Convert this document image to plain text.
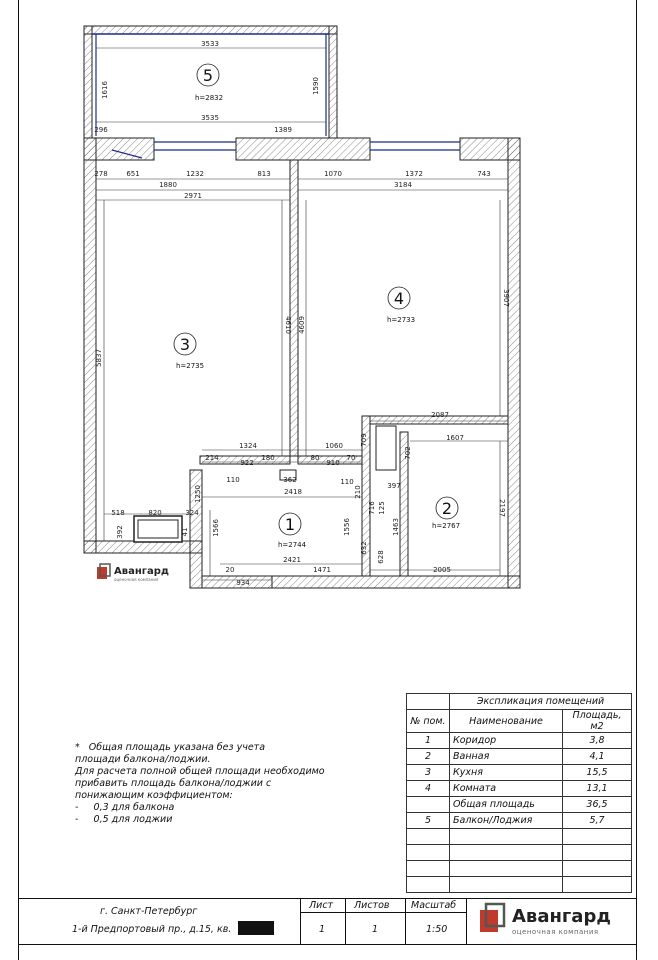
5
h=2832
3
h=2735
4
h=2733
1
h=2744
2
h=2767
3533
1616	1590
3535
296	1389
278	651	1232	813
1880
2971
1070	1372	743
3184
5837
4610 4609
3907
2087
709	1607
702
2197
1324	1060
214
922
180	80
910
70
362
2418
110	110	397
210
716 125
1463
1250
518	820	324
392	41	1566	1556
632
628
2421
20	1471	2005
934
Авангард
оценочная компания
*   Общая площадь указана без учета
площади балкона/лоджии.
Для расчета полной общей площади необходимо
прибавить площадь балкона/лоджии с
понижающим коэффициентом:
-     0,3 для балкона
-     0,5 для лоджии
	Экспликация помещений	
№ пом.	Наименование	Площадь, м2
1	Коридор	3,8
2	Ванная	4,1
3	Кухня	15,5
4	Комната	13,1
	Общая площадь	36,5
5	Балкон/Лоджия	5,7

г. Санкт-Петербург
1-й Предпортовый пр., д.15, кв.
Лист Листов Масштаб
1	1	1:50
Авангард
оценочная компания
